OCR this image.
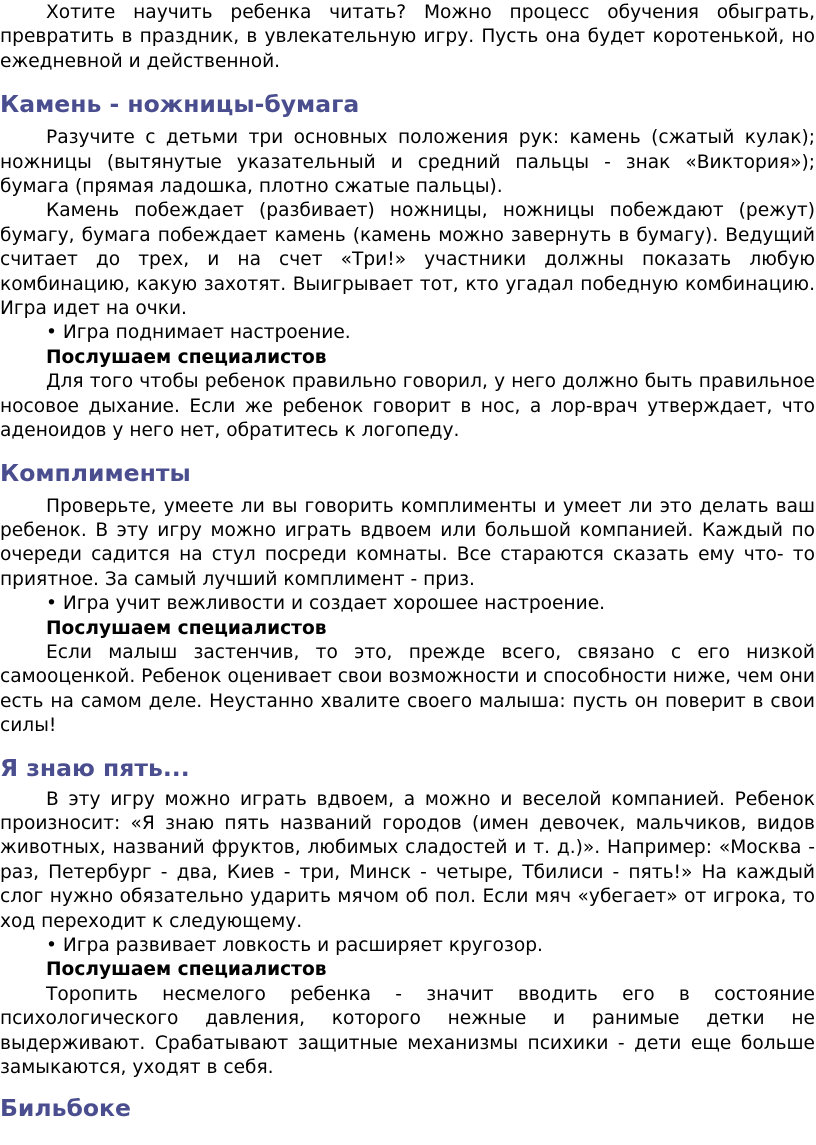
Хотите научить ребенка читать? Можно процесс обучения обыграть, превратить в праздник, в увлекательную игру. Пусть она будет коротенькой, но ежедневной и действенной.

Камень - ножницы-бумага

Разучите с детьми три основных положения рук: камень (сжатый кулак); ножницы (вытянутые указательный и средний пальцы - знак «Виктория»); бумага (прямая ладошка, плотно сжатые пальцы).

Камень побеждает (разбивает) ножницы, ножницы побеждают (режут) бумагу, бумага побеждает камень (камень можно завернуть в бумагу). Ведущий считает до трех, и на счет «Три!» участники должны показать любую комбинацию, какую захотят. Выигрывает тот, кто угадал победную комбинацию. Игра идет на очки.

• Игра поднимает настроение.

Послушаем специалистов

Для того чтобы ребенок правильно говорил, у него должно быть правильное носовое дыхание. Если же ребенок говорит в нос, а лор-врач утверждает, что аденоидов у него нет, обратитесь к логопеду.

Комплименты

Проверьте, умеете ли вы говорить комплименты и умеет ли это делать ваш ребенок. В эту игру можно играть вдвоем или большой компанией. Каждый по очереди садится на стул посреди комнаты. Все стараются сказать ему что- то приятное. За самый лучший комплимент - приз.

• Игра учит вежливости и создает хорошее настроение.

Послушаем специалистов

Если малыш застенчив, то это, прежде всего, связано с его низкой самооценкой. Ребенок оценивает свои возможности и способности ниже, чем они есть на самом деле. Неустанно хвалите своего малыша: пусть он поверит в свои силы!

Я знаю пять...

В эту игру можно играть вдвоем, а можно и веселой компанией. Ребенок произносит: «Я знаю пять названий городов (имен девочек, мальчиков, видов животных, названий фруктов, любимых сладостей и т. д.)». Например: «Москва - раз, Петербург - два, Киев - три, Минск - четыре, Тбилиси - пять!» На каждый слог нужно обязательно ударить мячом об пол. Если мяч «убегает» от игрока, то ход переходит к следующему.

• Игра развивает ловкость и расширяет кругозор.

Послушаем специалистов

Торопить несмелого ребенка - значит вводить его в состояние психологического давления, которого нежные и ранимые детки не выдерживают. Срабатывают защитные механизмы психики - дети еще больше замыкаются, уходят в себя.

Бильбоке
